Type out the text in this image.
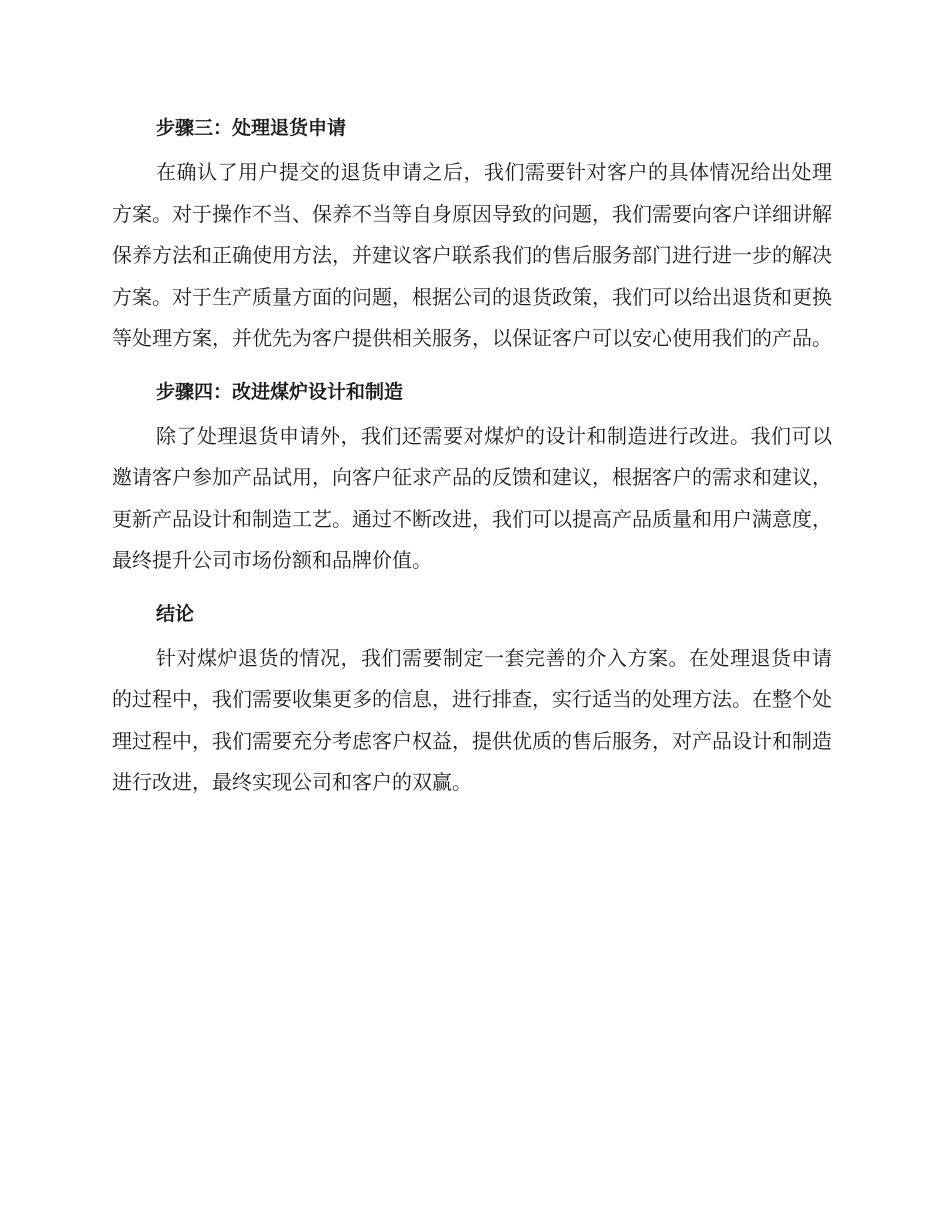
步骤三：处理退货申请

在确认了用户提交的退货申请之后，我们需要针对客户的具体情况给出处理方案。对于操作不当、保养不当等自身原因导致的问题，我们需要向客户详细讲解保养方法和正确使用方法，并建议客户联系我们的售后服务部门进行进一步的解决方案。对于生产质量方面的问题，根据公司的退货政策，我们可以给出退货和更换等处理方案，并优先为客户提供相关服务，以保证客户可以安心使用我们的产品。

步骤四：改进煤炉设计和制造

除了处理退货申请外，我们还需要对煤炉的设计和制造进行改进。我们可以邀请客户参加产品试用，向客户征求产品的反馈和建议，根据客户的需求和建议，更新产品设计和制造工艺。通过不断改进，我们可以提高产品质量和用户满意度，最终提升公司市场份额和品牌价值。

结论

针对煤炉退货的情况，我们需要制定一套完善的介入方案。在处理退货申请的过程中，我们需要收集更多的信息，进行排查，实行适当的处理方法。在整个处理过程中，我们需要充分考虑客户权益，提供优质的售后服务，对产品设计和制造进行改进，最终实现公司和客户的双赢。
